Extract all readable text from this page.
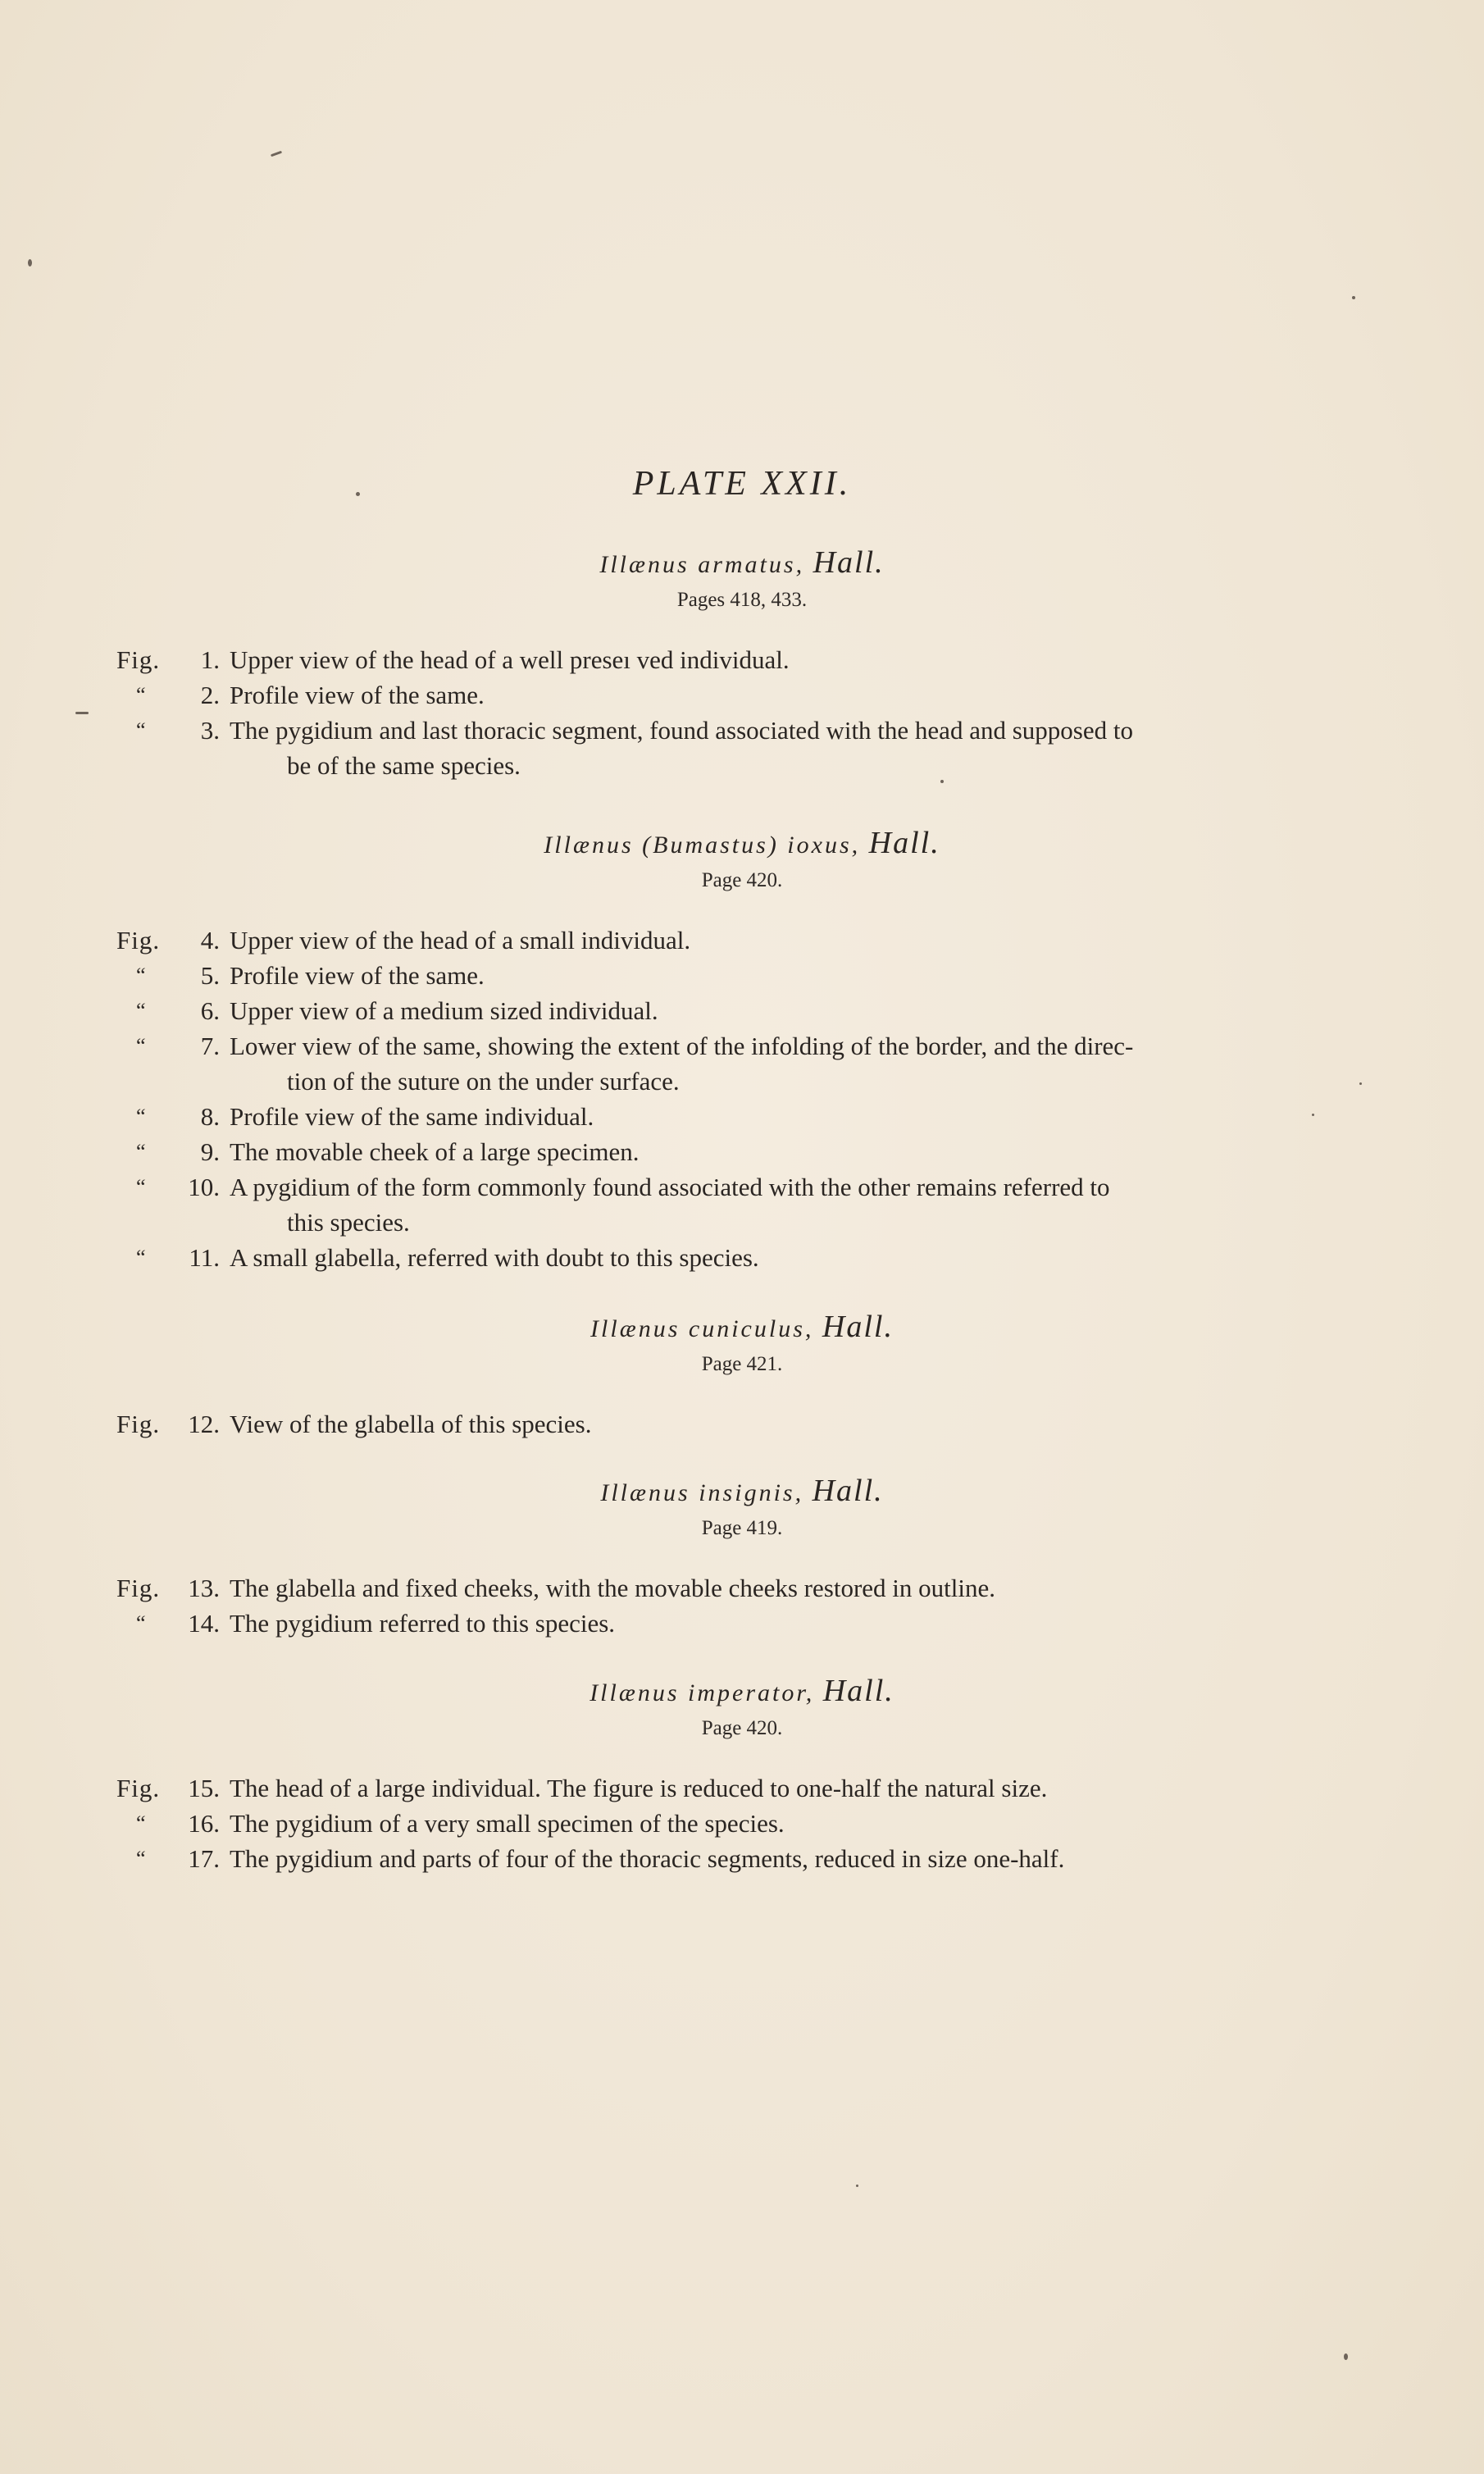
PLATE XXII.
Illænus armatus, Hall.
Pages 418, 433.
Fig.	1. Upper view of the head of a well preseı ved individual.
“	2. Profile view of the same.
“	3. The pygidium and last thoracic segment, found associated with the head and supposed to
be of the same species.
Illænus (Bumastus) ioxus, Hall.
Page 420.
Fig.	4. Upper view of the head of a small individual.
“	5. Profile view of the same.
“	6. Upper view of a medium sized individual.
“	7. Lower view of the same, showing the extent of the infolding of the border, and the direc-
tion of the suture on the under surface.
“	8. Profile view of the same individual.
“	9. The movable cheek of a large specimen.
“	10. A pygidium of the form commonly found associated with the other remains referred to
this species.
“	11. A small glabella, referred with doubt to this species.
Illænus cuniculus, Hall.
Page 421.
Fig.	12. View of the glabella of this species.
Illænus insignis, Hall.
Page 419.
Fig.	13. The glabella and fixed cheeks, with the movable cheeks restored in outline.
“	14. The pygidium referred to this species.
Illænus imperator, Hall.
Page 420.
Fig.	15. The head of a large individual. The figure is reduced to one-half the natural size.
“	16. The pygidium of a very small specimen of the species.
“	17. The pygidium and parts of four of the thoracic segments, reduced in size one-half.
